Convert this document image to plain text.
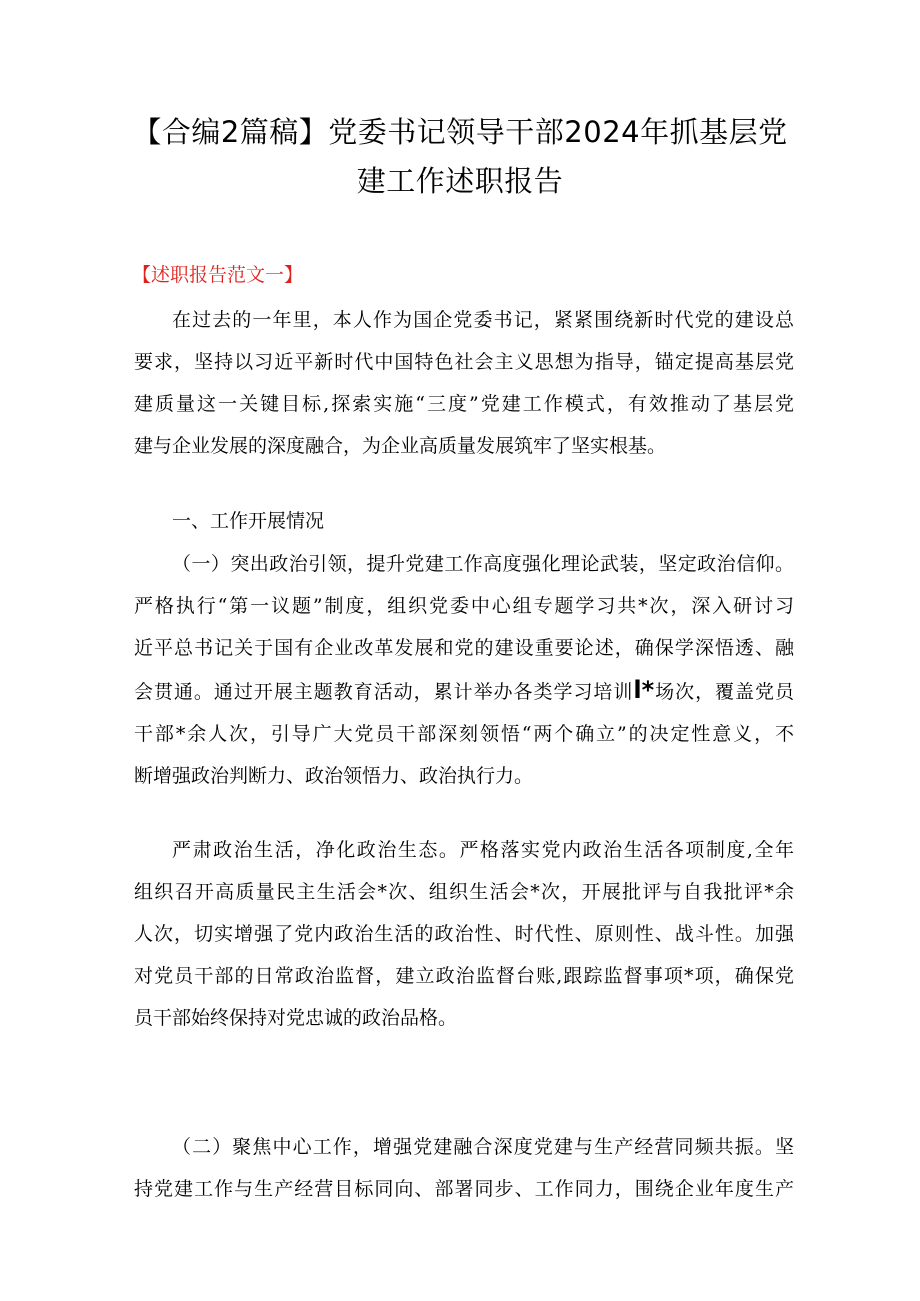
【合编2篇稿】党委书记领导干部2024年抓基层党
建工作述职报告
【述职报告范文一】

在过去的一年里，本人作为国企党委书记，紧紧围绕新时代党的建设总
要求，坚持以习近平新时代中国特色社会主义思想为指导，锚定提高基层党
建质量这一关键目标,探索实施“三度”党建工作模式，有效推动了基层党
建与企业发展的深度融合，为企业高质量发展筑牢了坚实根基。

一、工作开展情况

（一）突出政治引领，提升党建工作高度强化理论武装，坚定政治信仰。
严格执行“第一议题”制度，组织党委中心组专题学习共*次，深入研讨习
近平总书记关于国有企业改革发展和党的建设重要论述，确保学深悟透、融
会贯通。通过开展主题教育活动，累计举办各类学习培训l*场次，覆盖党员
干部*余人次，引导广大党员干部深刻领悟“两个确立”的决定性意义，不
断增强政治判断力、政治领悟力、政治执行力。

严肃政治生活，净化政治生态。严格落实党内政治生活各项制度,全年
组织召开高质量民主生活会*次、组织生活会*次，开展批评与自我批评*余
人次，切实增强了党内政治生活的政治性、时代性、原则性、战斗性。加强
对党员干部的日常政治监督，建立政治监督台账,跟踪监督事项*项，确保党
员干部始终保持对党忠诚的政治品格。

（二）聚焦中心工作，增强党建融合深度党建与生产经营同频共振。坚
持党建工作与生产经营目标同向、部署同步、工作同力，围绕企业年度生产
